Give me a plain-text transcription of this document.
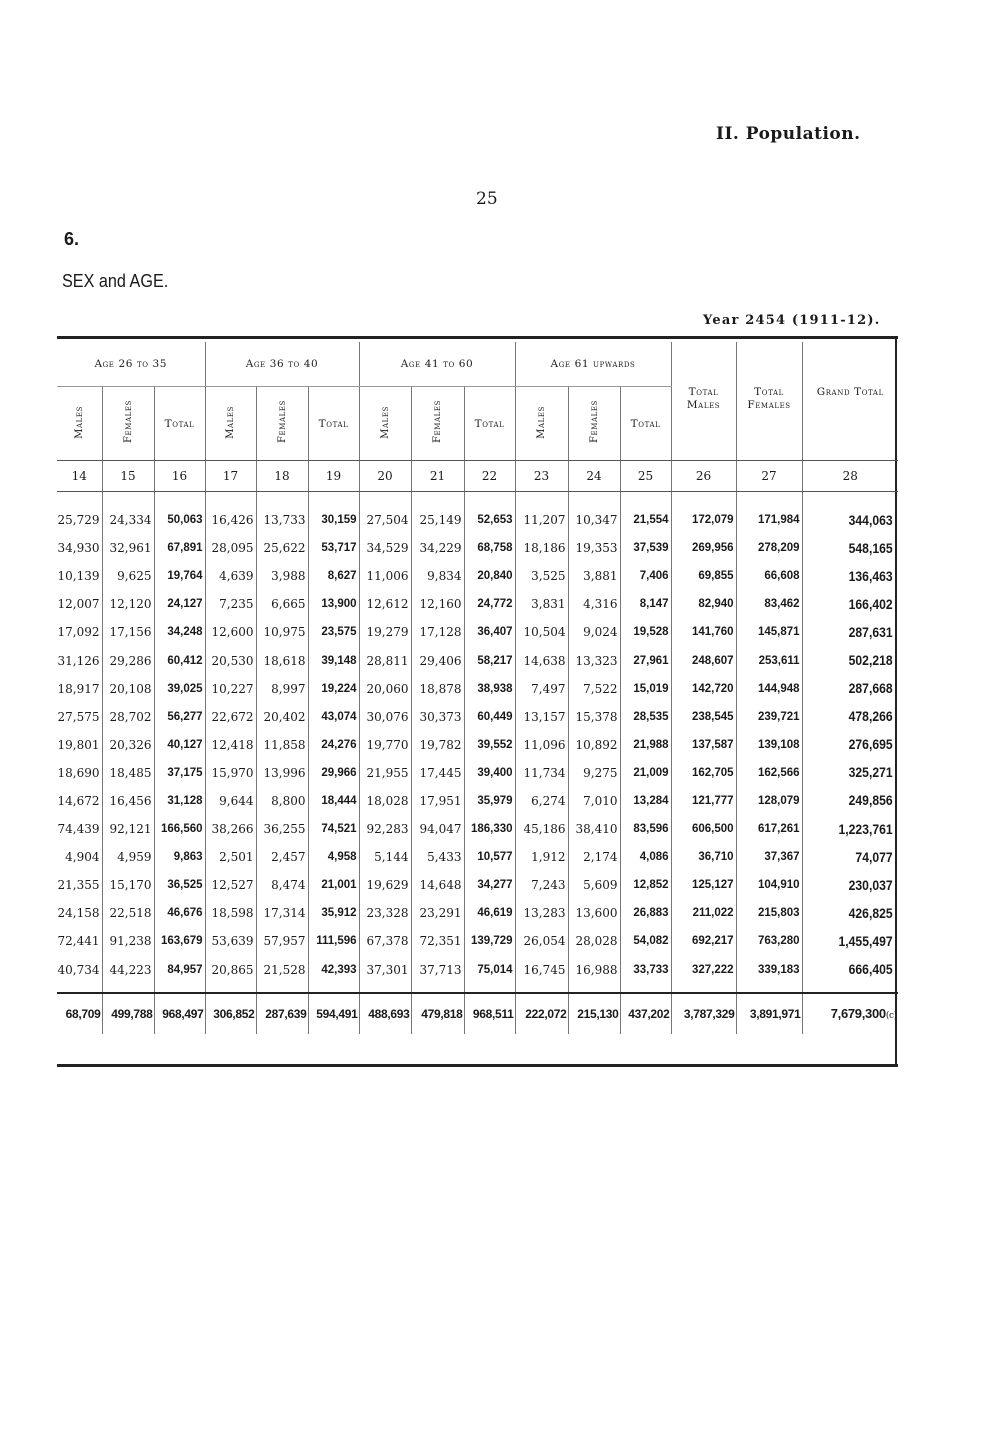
II. Population.
25
6.
SEX and AGE.
Year 2454 (1911-12).
Age 26 to 35			Age 36 to 40			Age 41 to 60			Age 61 upwards			Total Males	Total Females	Grand Total
Males	Females	Total	Males	Females	Total	Males	Females	Total	Males	Females	Total			
14	15	16	17	18	19	20	21	22	23	24	25	26	27	28

25,729	24,334	50,063	16,426	13,733	30,159	27,504	25,149	52,653	11,207	10,347	21,554	172,079	171,984	344,063
34,930	32,961	67,891	28,095	25,622	53,717	34,529	34,229	68,758	18,186	19,353	37,539	269,956	278,209	548,165
10,139	9,625	19,764	4,639	3,988	8,627	11,006	9,834	20,840	3,525	3,881	7,406	69,855	66,608	136,463
12,007	12,120	24,127	7,235	6,665	13,900	12,612	12,160	24,772	3,831	4,316	8,147	82,940	83,462	166,402
17,092	17,156	34,248	12,600	10,975	23,575	19,279	17,128	36,407	10,504	9,024	19,528	141,760	145,871	287,631
31,126	29,286	60,412	20,530	18,618	39,148	28,811	29,406	58,217	14,638	13,323	27,961	248,607	253,611	502,218
18,917	20,108	39,025	10,227	8,997	19,224	20,060	18,878	38,938	7,497	7,522	15,019	142,720	144,948	287,668
27,575	28,702	56,277	22,672	20,402	43,074	30,076	30,373	60,449	13,157	15,378	28,535	238,545	239,721	478,266
19,801	20,326	40,127	12,418	11,858	24,276	19,770	19,782	39,552	11,096	10,892	21,988	137,587	139,108	276,695
18,690	18,485	37,175	15,970	13,996	29,966	21,955	17,445	39,400	11,734	9,275	21,009	162,705	162,566	325,271
14,672	16,456	31,128	9,644	8,800	18,444	18,028	17,951	35,979	6,274	7,010	13,284	121,777	128,079	249,856
74,439	92,121	166,560	38,266	36,255	74,521	92,283	94,047	186,330	45,186	38,410	83,596	606,500	617,261	1,223,761
4,904	4,959	9,863	2,501	2,457	4,958	5,144	5,433	10,577	1,912	2,174	4,086	36,710	37,367	74,077
21,355	15,170	36,525	12,527	8,474	21,001	19,629	14,648	34,277	7,243	5,609	12,852	125,127	104,910	230,037
24,158	22,518	46,676	18,598	17,314	35,912	23,328	23,291	46,619	13,283	13,600	26,883	211,022	215,803	426,825
72,441	91,238	163,679	53,639	57,957	111,596	67,378	72,351	139,729	26,054	28,028	54,082	692,217	763,280	1,455,497
40,734	44,223	84,957	20,865	21,528	42,393	37,301	37,713	75,014	16,745	16,988	33,733	327,222	339,183	666,405

68,709	499,788	968,497	306,852	287,639	594,491	488,693	479,818	968,511	222,072	215,130	437,202	3,787,329	3,891,971	7,679,300(c)
